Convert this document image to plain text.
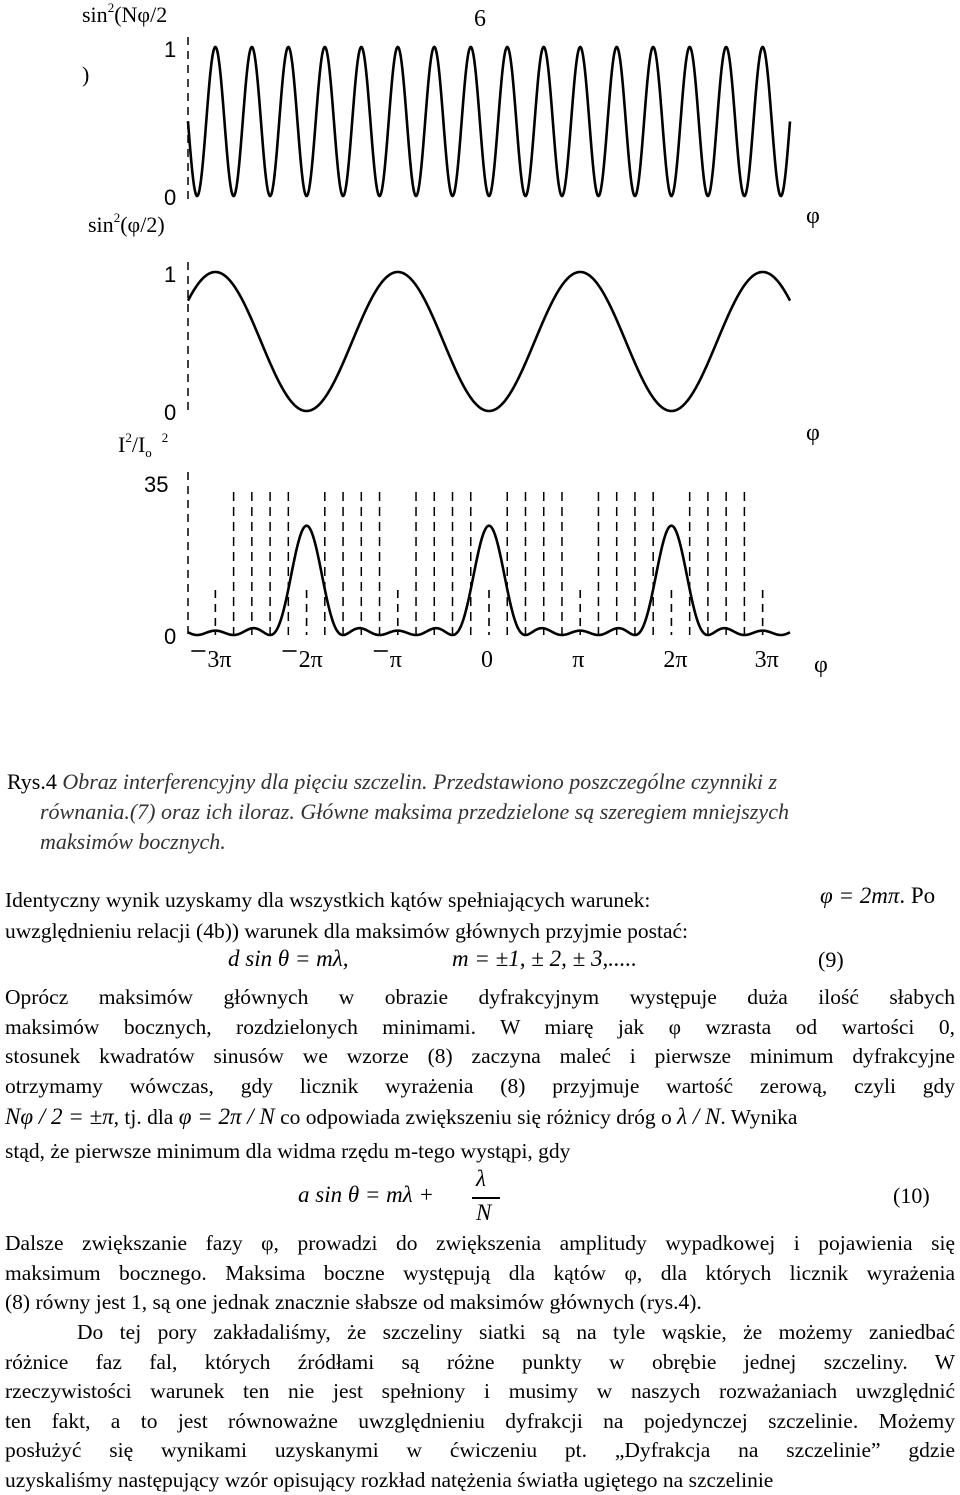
6
$\sin^2(N\varphi/2$
)
1
0
φ
$\sin^2(\varphi/2)$
1
0
φ
$I^2/I_o^2$
35
0
φ
3π	2π	π	0	π	2π	3π
Rys.4 Obraz interferencyjny dla pięciu szczelin. Przedstawiono poszczególne czynniki z
równania.(7) oraz ich iloraz. Główne maksima przedzielone są szeregiem mniejszych
maksimów bocznych.
Identyczny wynik uzyskamy dla wszystkich kątów spełniających warunek:	φ = 2mπ. Po
uwzględnieniu relacji (4b)) warunek dla maksimów głównych przyjmie postać:
d sin θ = mλ,	m = ±1, ± 2, ± 3,.....	(9)
Oprócz maksimów głównych w obrazie dyfrakcyjnym występuje duża ilość słabych
maksimów bocznych, rozdzielonych minimami. W miarę jak φ wzrasta od wartości 0,
stosunek kwadratów sinusów we wzorze (8) zaczyna maleć i pierwsze minimum dyfrakcyjne
otrzymamy wówczas, gdy licznik wyrażenia (8) przyjmuje wartość zerową, czyli gdy
Nφ / 2 = ±π, tj. dla φ = 2π / N co odpowiada zwiększeniu się różnicy dróg o λ / N. Wynika
stąd, że pierwsze minimum dla widma rzędu m-tego wystąpi, gdy
a sin θ = mλ +
λ
N
(10)
Dalsze zwiększanie fazy φ, prowadzi do zwiększenia amplitudy wypadkowej i pojawienia się
maksimum bocznego. Maksima boczne występują dla kątów φ, dla których licznik wyrażenia
(8) równy jest 1, są one jednak znacznie słabsze od maksimów głównych (rys.4).
Do tej pory zakładaliśmy, że szczeliny siatki są na tyle wąskie, że możemy zaniedbać
różnice faz fal, których źródłami są różne punkty w obrębie jednej szczeliny. W
rzeczywistości warunek ten nie jest spełniony i musimy w naszych rozważaniach uwzględnić
ten fakt, a to jest równoważne uwzględnieniu dyfrakcji na pojedynczej szczelinie. Możemy
posłużyć się wynikami uzyskanymi w ćwiczeniu pt. „Dyfrakcja na szczelinie” gdzie
uzyskaliśmy następujący wzór opisujący rozkład natężenia światła ugiętego na szczelinie
